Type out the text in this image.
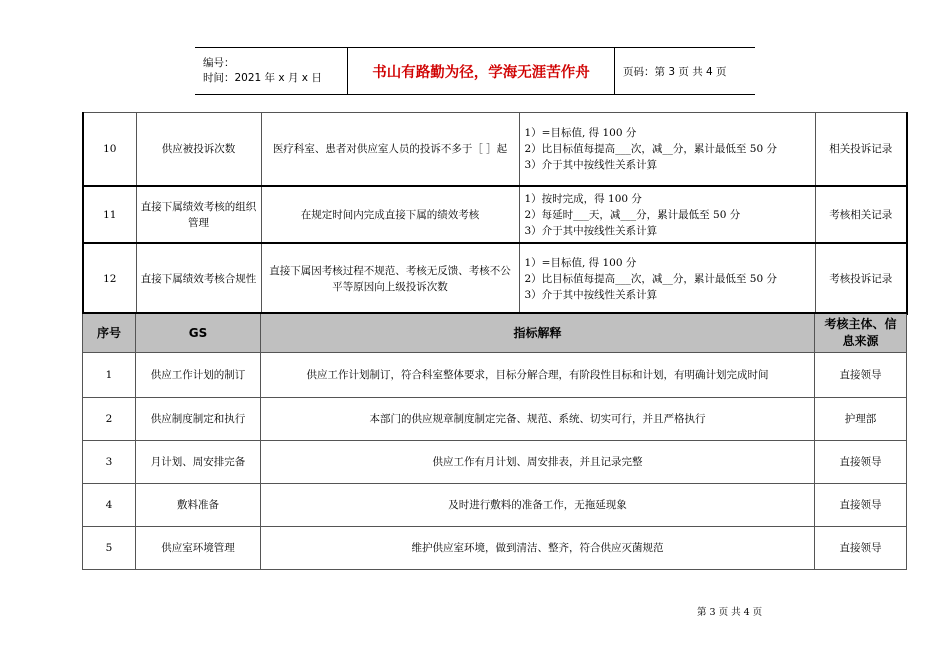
编号：
时间：2021 年 x 月 x 日	书山有路勤为径，学海无涯苦作舟	页码：第 3 页 共 4 页
10	供应被投诉次数	医疗科室、患者对供应室人员的投诉不多于［ ］起	1）=目标值, 得 100 分
2）比目标值每提高___次，减__分，累计最低至 50 分
3）介于其中按线性关系计算	相关投诉记录
11	直接下属绩效考核的组织管理	在规定时间内完成直接下属的绩效考核	1）按时完成，得 100 分
2）每延时___天，减___分，累计最低至 50 分
3）介于其中按线性关系计算	考核相关记录
12	直接下属绩效考核合规性	直接下属因考核过程不规范、考核无反馈、考核不公平等原因向上级投诉次数	1）=目标值, 得 100 分
2）比目标值每提高___次，减__分，累计最低至 50 分
3）介于其中按线性关系计算	考核投诉记录
序号	GS	指标解释	考核主体、信息来源
1	供应工作计划的制订	供应工作计划制订，符合科室整体要求，目标分解合理，有阶段性目标和计划，有明确计划完成时间	直接领导
2	供应制度制定和执行	本部门的供应规章制度制定完备、规范、系统、切实可行，并且严格执行	护理部
3	月计划、周安排完备	供应工作有月计划、周安排表，并且记录完整	直接领导
4	敷料准备	及时进行敷料的准备工作，无拖延现象	直接领导
5	供应室环境管理	维护供应室环境，做到清洁、整齐，符合供应灭菌规范	直接领导
第 3 页 共 4 页
